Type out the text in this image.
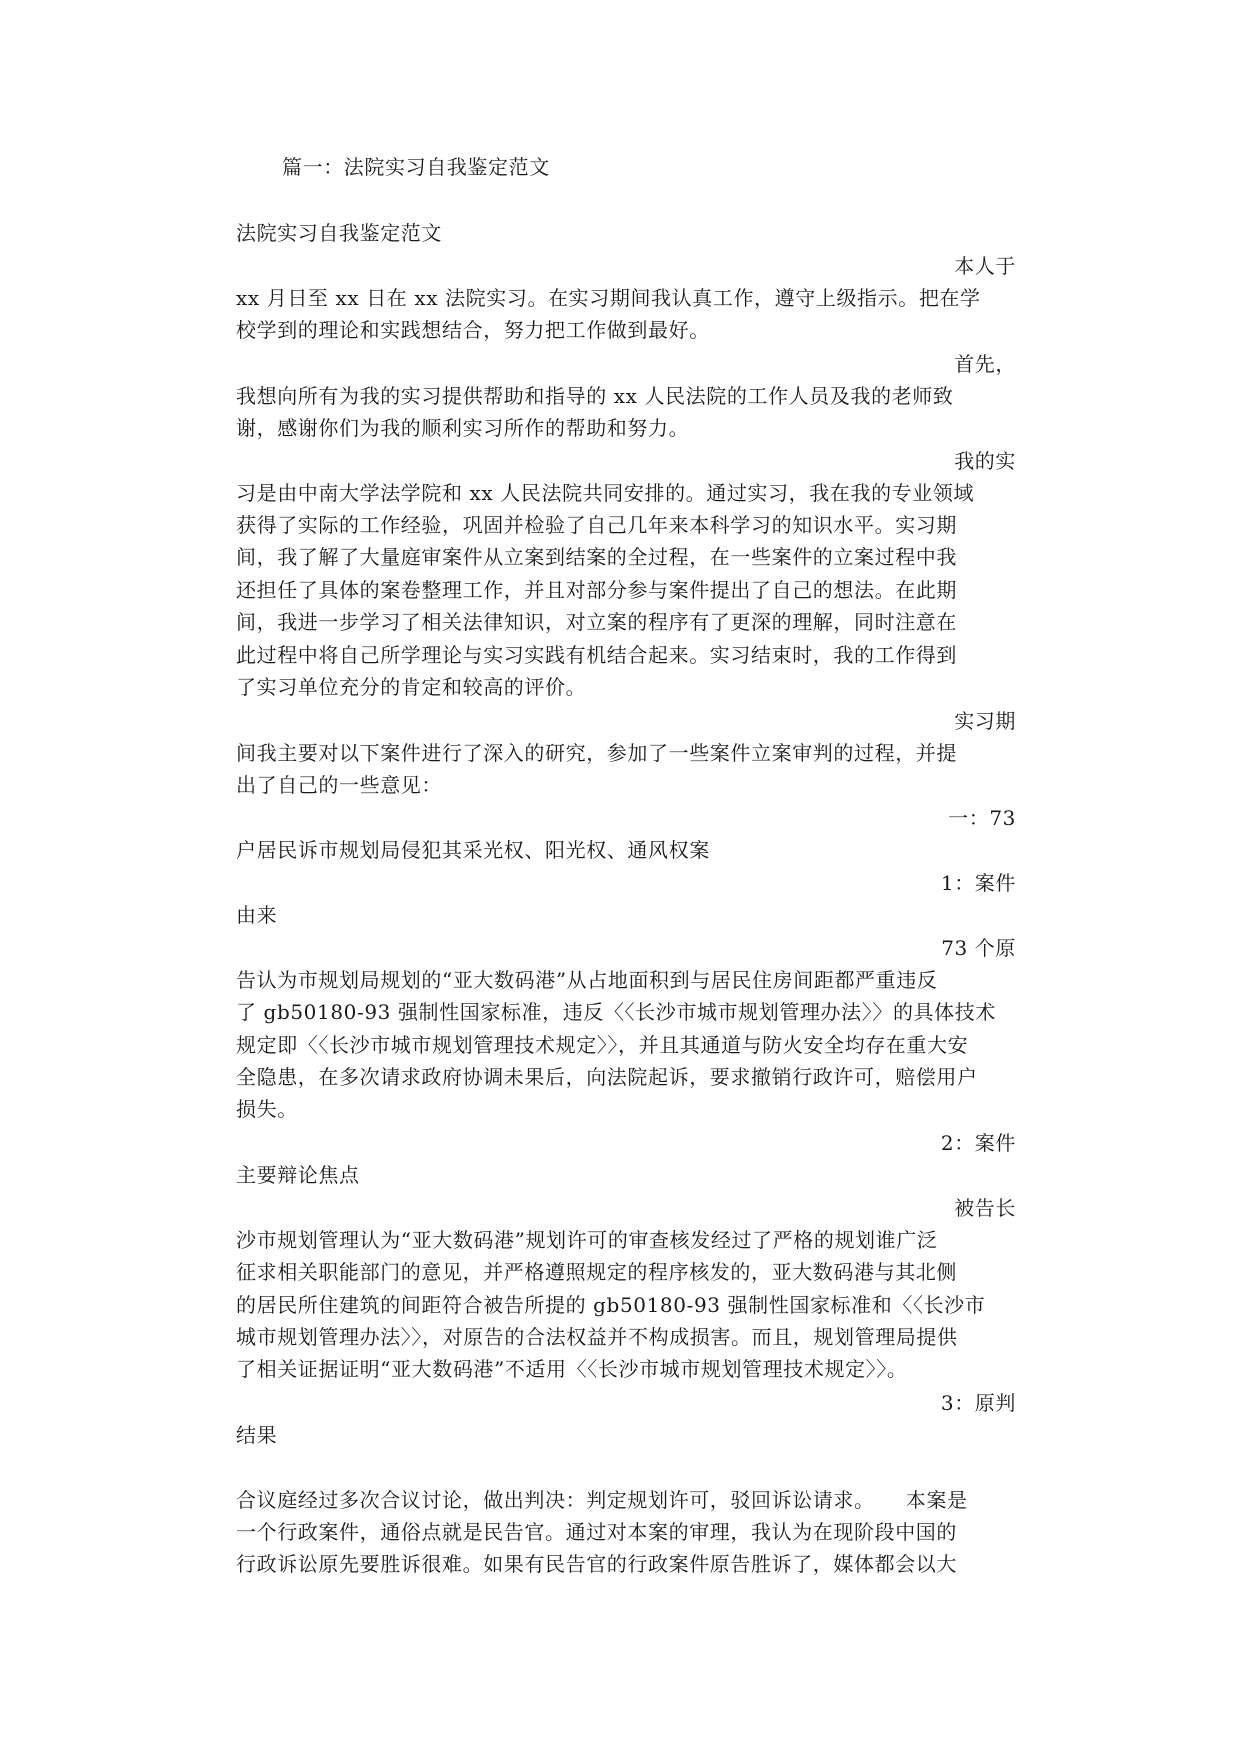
篇一：法院实习自我鉴定范文
法院实习自我鉴定范文
本人于
xx 月日至 xx 日在 xx 法院实习。在实习期间我认真工作，遵守上级指示。把在学
校学到的理论和实践想结合，努力把工作做到最好。
首先，
我想向所有为我的实习提供帮助和指导的 xx 人民法院的工作人员及我的老师致
谢，感谢你们为我的顺利实习所作的帮助和努力。
我的实
习是由中南大学法学院和 xx 人民法院共同安排的。通过实习，我在我的专业领域
获得了实际的工作经验，巩固并检验了自己几年来本科学习的知识水平。实习期
间，我了解了大量庭审案件从立案到结案的全过程，在一些案件的立案过程中我
还担任了具体的案卷整理工作，并且对部分参与案件提出了自己的想法。在此期
间，我进一步学习了相关法律知识，对立案的程序有了更深的理解，同时注意在
此过程中将自己所学理论与实习实践有机结合起来。实习结束时，我的工作得到
了实习单位充分的肯定和较高的评价。
实习期
间我主要对以下案件进行了深入的研究，参加了一些案件立案审判的过程，并提
出了自己的一些意见：
一：73
户居民诉市规划局侵犯其采光权、阳光权、通风权案
1：案件
由来
73 个原
告认为市规划局规划的“亚大数码港”从占地面积到与居民住房间距都严重违反
了 gb50180-93 强制性国家标准，违反〈〈长沙市城市规划管理办法〉〉的具体技术
规定即〈〈长沙市城市规划管理技术规定〉〉，并且其通道与防火安全均存在重大安
全隐患，在多次请求政府协调未果后，向法院起诉，要求撤销行政许可，赔偿用户
损失。
2：案件
主要辩论焦点
被告长
沙市规划管理认为“亚大数码港”规划许可的审查核发经过了严格的规划谁广泛
征求相关职能部门的意见，并严格遵照规定的程序核发的，亚大数码港与其北侧
的居民所住建筑的间距符合被告所提的 gb50180-93 强制性国家标准和〈〈长沙市
城市规划管理办法〉〉，对原告的合法权益并不构成损害。而且，规划管理局提供
了相关证据证明“亚大数码港”不适用〈〈长沙市城市规划管理技术规定〉〉。
3：原判
结果
合议庭经过多次合议讨论，做出判决：判定规划许可，驳回诉讼请求。　　本案是
一个行政案件，通俗点就是民告官。通过对本案的审理，我认为在现阶段中国的
行政诉讼原先要胜诉很难。如果有民告官的行政案件原告胜诉了，媒体都会以大
